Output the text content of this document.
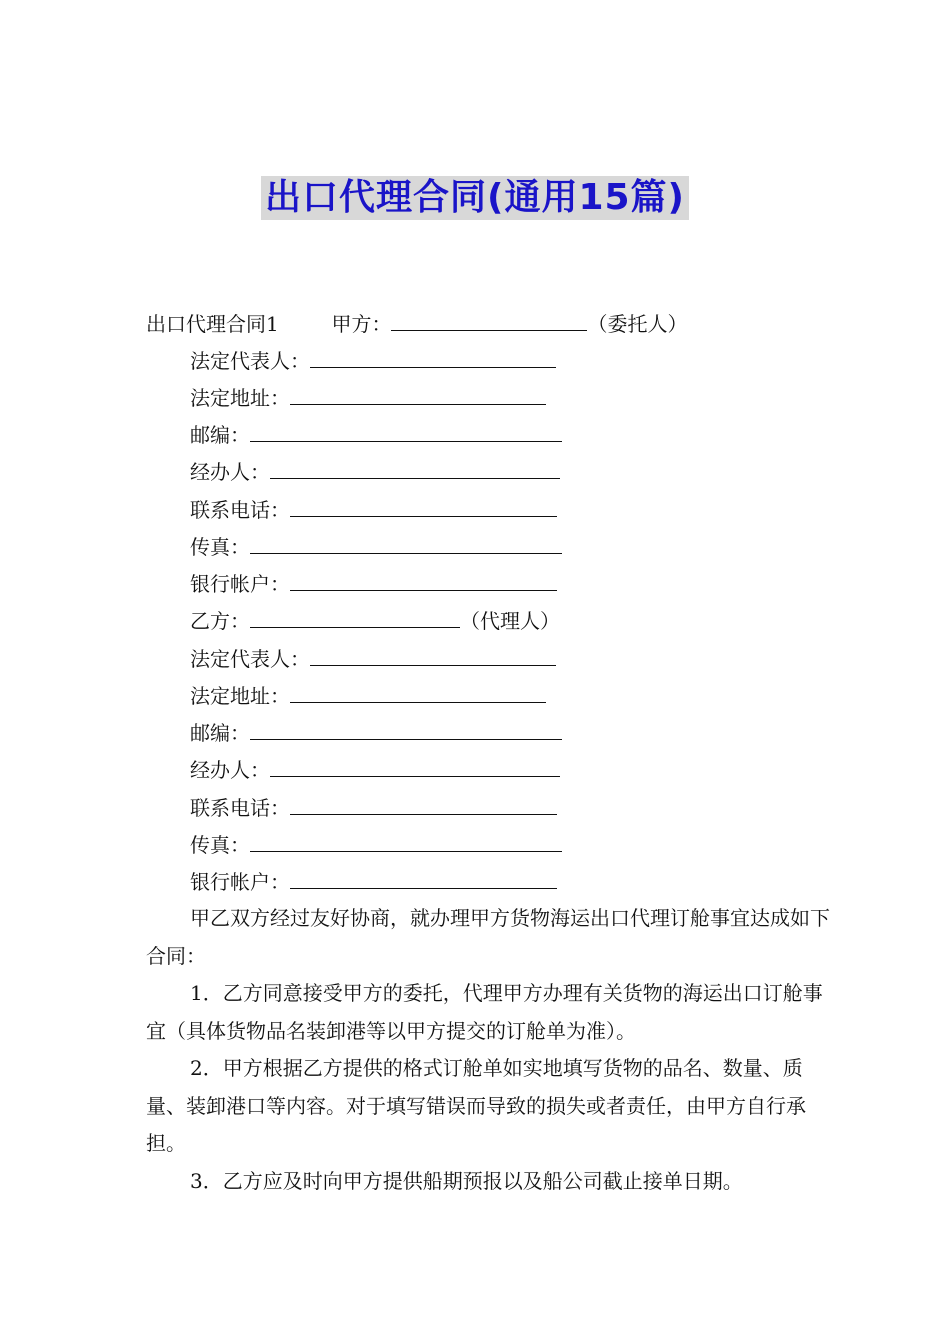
出口代理合同(通用15篇)
出口代理合同1	甲方：	（委托人）
法定代表人：
法定地址：
邮编：
经办人：
联系电话：
传真：
银行帐户：
乙方：	（代理人）
法定代表人：
法定地址：
邮编：
经办人：
联系电话：
传真：
银行帐户：

甲乙双方经过友好协商，就办理甲方货物海运出口代理订舱事宜达成如下合同：

1．乙方同意接受甲方的委托，代理甲方办理有关货物的海运出口订舱事宜（具体货物品名装卸港等以甲方提交的订舱单为准）。

2．甲方根据乙方提供的格式订舱单如实地填写货物的品名、数量、质量、装卸港口等内容。对于填写错误而导致的损失或者责任，由甲方自行承担。

3．乙方应及时向甲方提供船期预报以及船公司截止接单日期。
